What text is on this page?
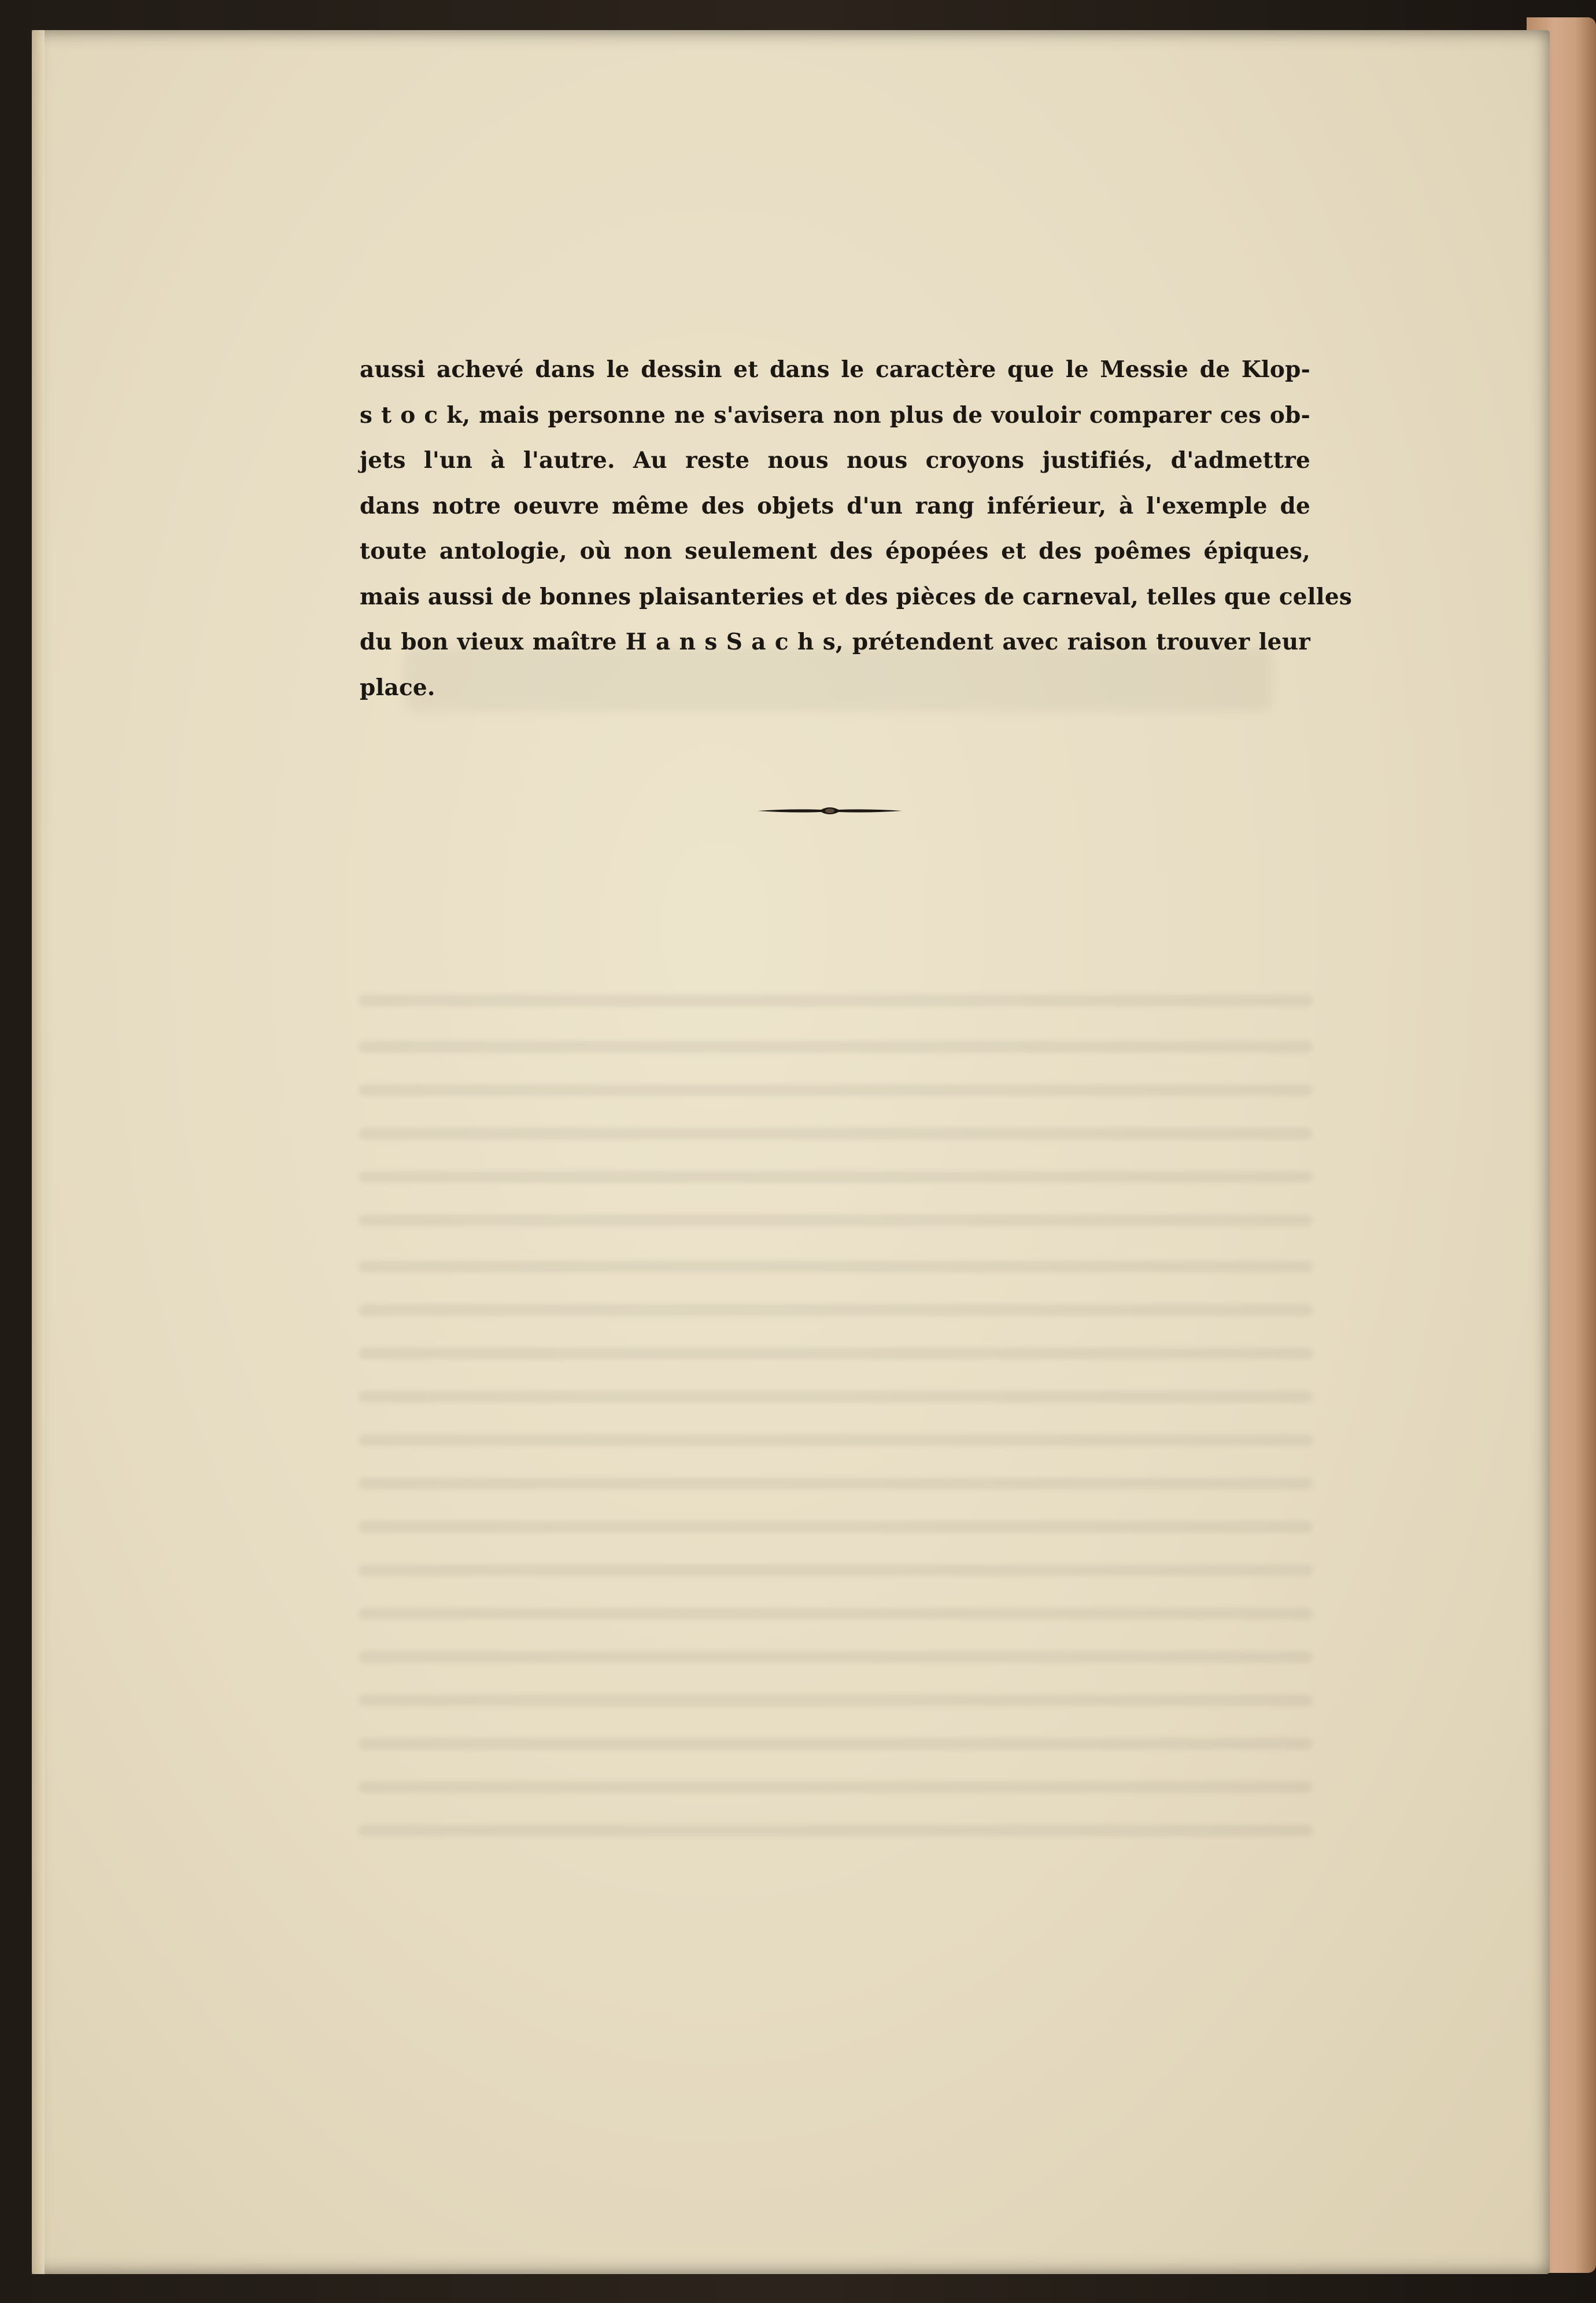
aussi achevé dans le dessin et dans le caractère que le Messie de Klop-
s t o c k, mais personne ne s'avisera non plus de vouloir comparer ces ob-
jets l'un à l'autre. Au reste nous nous croyons justifiés, d'admettre
dans notre oeuvre même des objets d'un rang inférieur, à l'exemple de
toute antologie, où non seulement des épopées et des poêmes épiques,
mais aussi de bonnes plaisanteries et des pièces de carneval, telles que celles
du bon vieux maître H a n s S a c h s, prétendent avec raison trouver leur
place.
